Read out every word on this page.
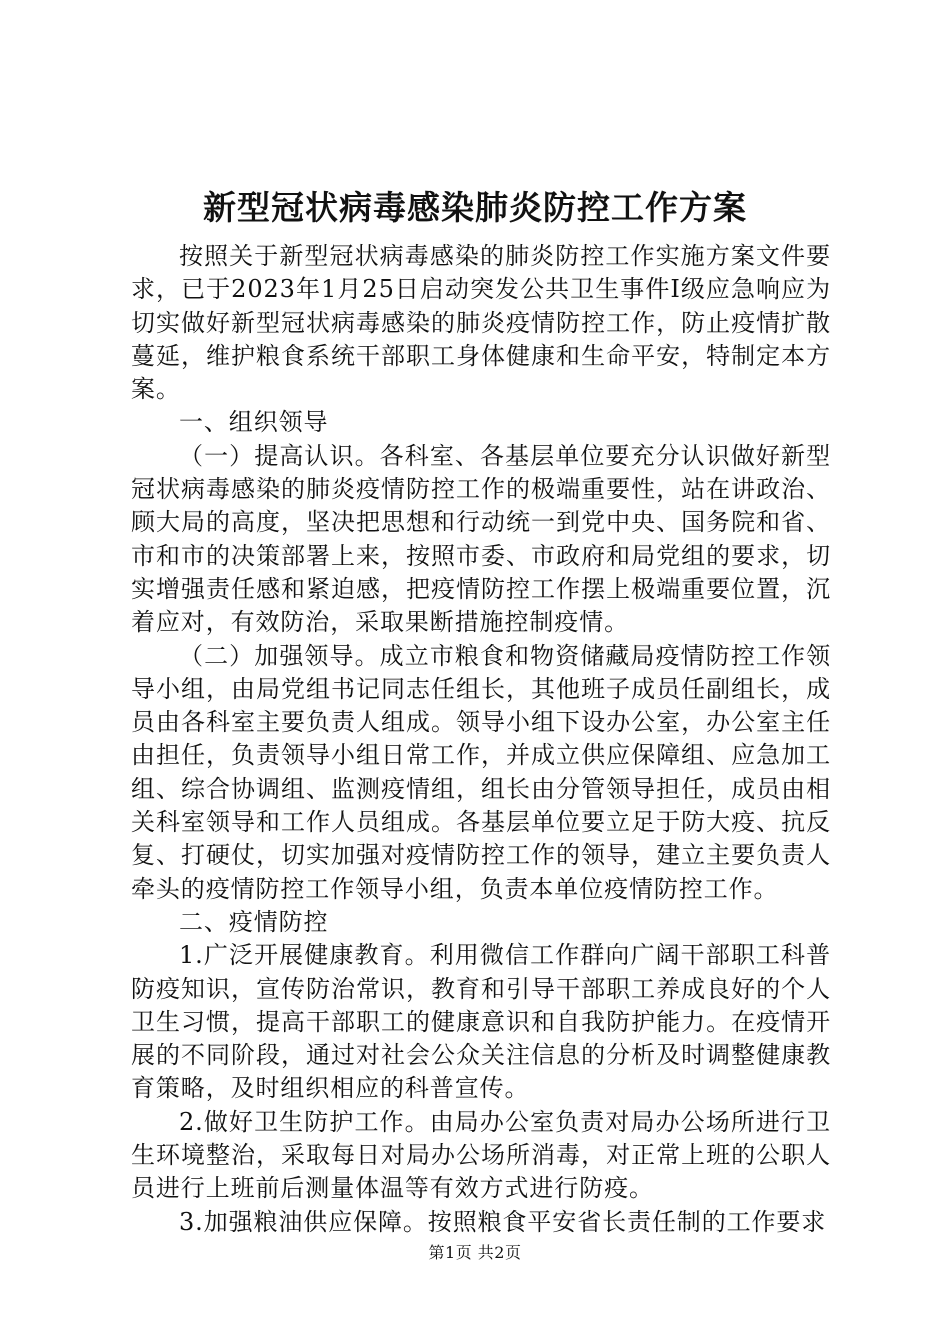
新型冠状病毒感染肺炎防控工作方案

按照关于新型冠状病毒感染的肺炎防控工作实施方案文件要求，已于2023年1月25日启动突发公共卫生事件Ⅰ级应急响应为切实做好新型冠状病毒感染的肺炎疫情防控工作，防止疫情扩散蔓延，维护粮食系统干部职工身体健康和生命平安，特制定本方案。

一、组织领导

（一）提高认识。各科室、各基层单位要充分认识做好新型冠状病毒感染的肺炎疫情防控工作的极端重要性，站在讲政治、顾大局的高度，坚决把思想和行动统一到党中央、国务院和省、市和市的决策部署上来，按照市委、市政府和局党组的要求，切实增强责任感和紧迫感，把疫情防控工作摆上极端重要位置，沉着应对，有效防治，采取果断措施控制疫情。

（二）加强领导。成立市粮食和物资储藏局疫情防控工作领导小组，由局党组书记同志任组长，其他班子成员任副组长，成员由各科室主要负责人组成。领导小组下设办公室，办公室主任由担任，负责领导小组日常工作，并成立供应保障组、应急加工组、综合协调组、监测疫情组，组长由分管领导担任，成员由相关科室领导和工作人员组成。各基层单位要立足于防大疫、抗反复、打硬仗，切实加强对疫情防控工作的领导，建立主要负责人牵头的疫情防控工作领导小组，负责本单位疫情防控工作。

二、疫情防控

1.广泛开展健康教育。利用微信工作群向广阔干部职工科普防疫知识，宣传防治常识，教育和引导干部职工养成良好的个人卫生习惯，提高干部职工的健康意识和自我防护能力。在疫情开展的不同阶段，通过对社会公众关注信息的分析及时调整健康教育策略，及时组织相应的科普宣传。

2.做好卫生防护工作。由局办公室负责对局办公场所进行卫生环境整治，采取每日对局办公场所消毒，对正常上班的公职人员进行上班前后测量体温等有效方式进行防疫。

3.加强粮油供应保障。按照粮食平安省长责任制的工作要求

第1页 共2页
